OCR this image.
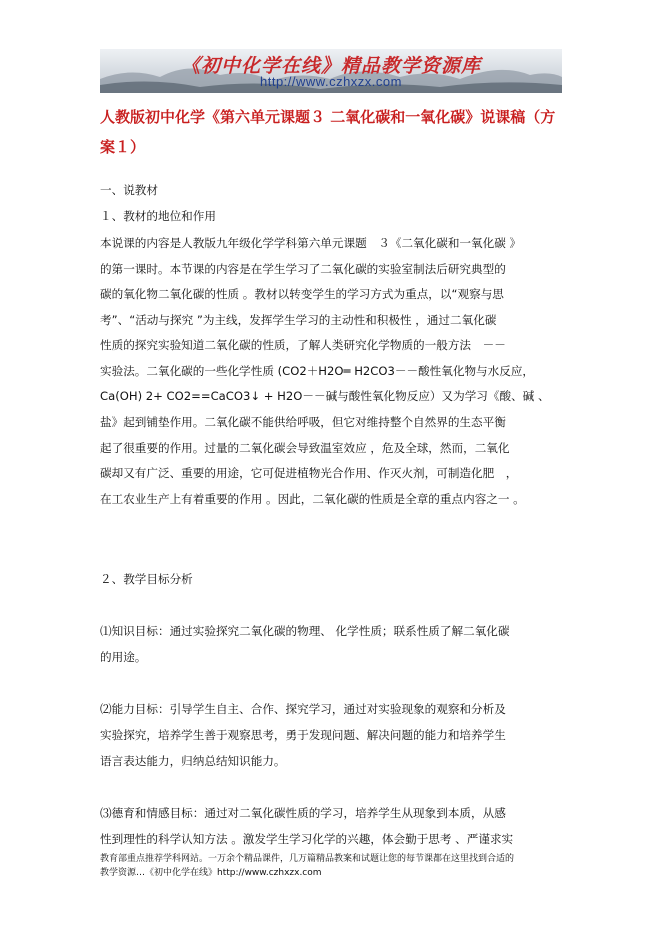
《初中化学在线》精品教学资源库
http://www.czhxzx.com
人教版初中化学《第六单元课题３ 二氧化碳和一氧化碳》说课稿（方案１）
一、说教材
１、教材的地位和作用
本说课的内容是人教版九年级化学学科第六单元课题　３《二氧化碳和一氧化碳 》
的第一课时。本节课的内容是在学生学习了二氧化碳的实验室制法后研究典型的
碳的氧化物二氧化碳的性质 。教材以转变学生的学习方式为重点，以“观察与思
考”、“活动与探究 ”为主线，发挥学生学习的主动性和积极性 ，通过二氧化碳
性质的探究实验知道二氧化碳的性质，了解人类研究化学物质的一般方法　－－
实验法。二氧化碳的一些化学性质 (CO2＋H2O═ H2CO3－－酸性氧化物与水反应，
Ca(OH) 2+ CO2==CaCO3↓ + H2O－－碱与酸性氧化物反应）又为学习《酸、碱 、
盐》起到铺垫作用。二氧化碳不能供给呼吸，但它对维持整个自然界的生态平衡
起了很重要的作用。过量的二氧化碳会导致温室效应 ，危及全球，然而，二氧化
碳却又有广泛、重要的用途，它可促进植物光合作用、作灭火剂，可制造化肥　，
在工农业生产上有着重要的作用 。因此，二氧化碳的性质是全章的重点内容之一 。
２、教学目标分析
⑴知识目标：通过实验探究二氧化碳的物理、 化学性质；联系性质了解二氧化碳
的用途。
⑵能力目标：引导学生自主、合作、探究学习，通过对实验现象的观察和分析及
实验探究，培养学生善于观察思考，勇于发现问题、解决问题的能力和培养学生
语言表达能力，归纳总结知识能力。
⑶德育和情感目标：通过对二氧化碳性质的学习，培养学生从现象到本质，从感
性到理性的科学认知方法 。激发学生学习化学的兴趣，体会勤于思考 、严谨求实
教育部重点推荐学科网站。一万余个精品课件，几万篇精品教案和试题让您的每节课都在这里找到合适的
教学资源…《初中化学在线》http://www.czhxzx.com
